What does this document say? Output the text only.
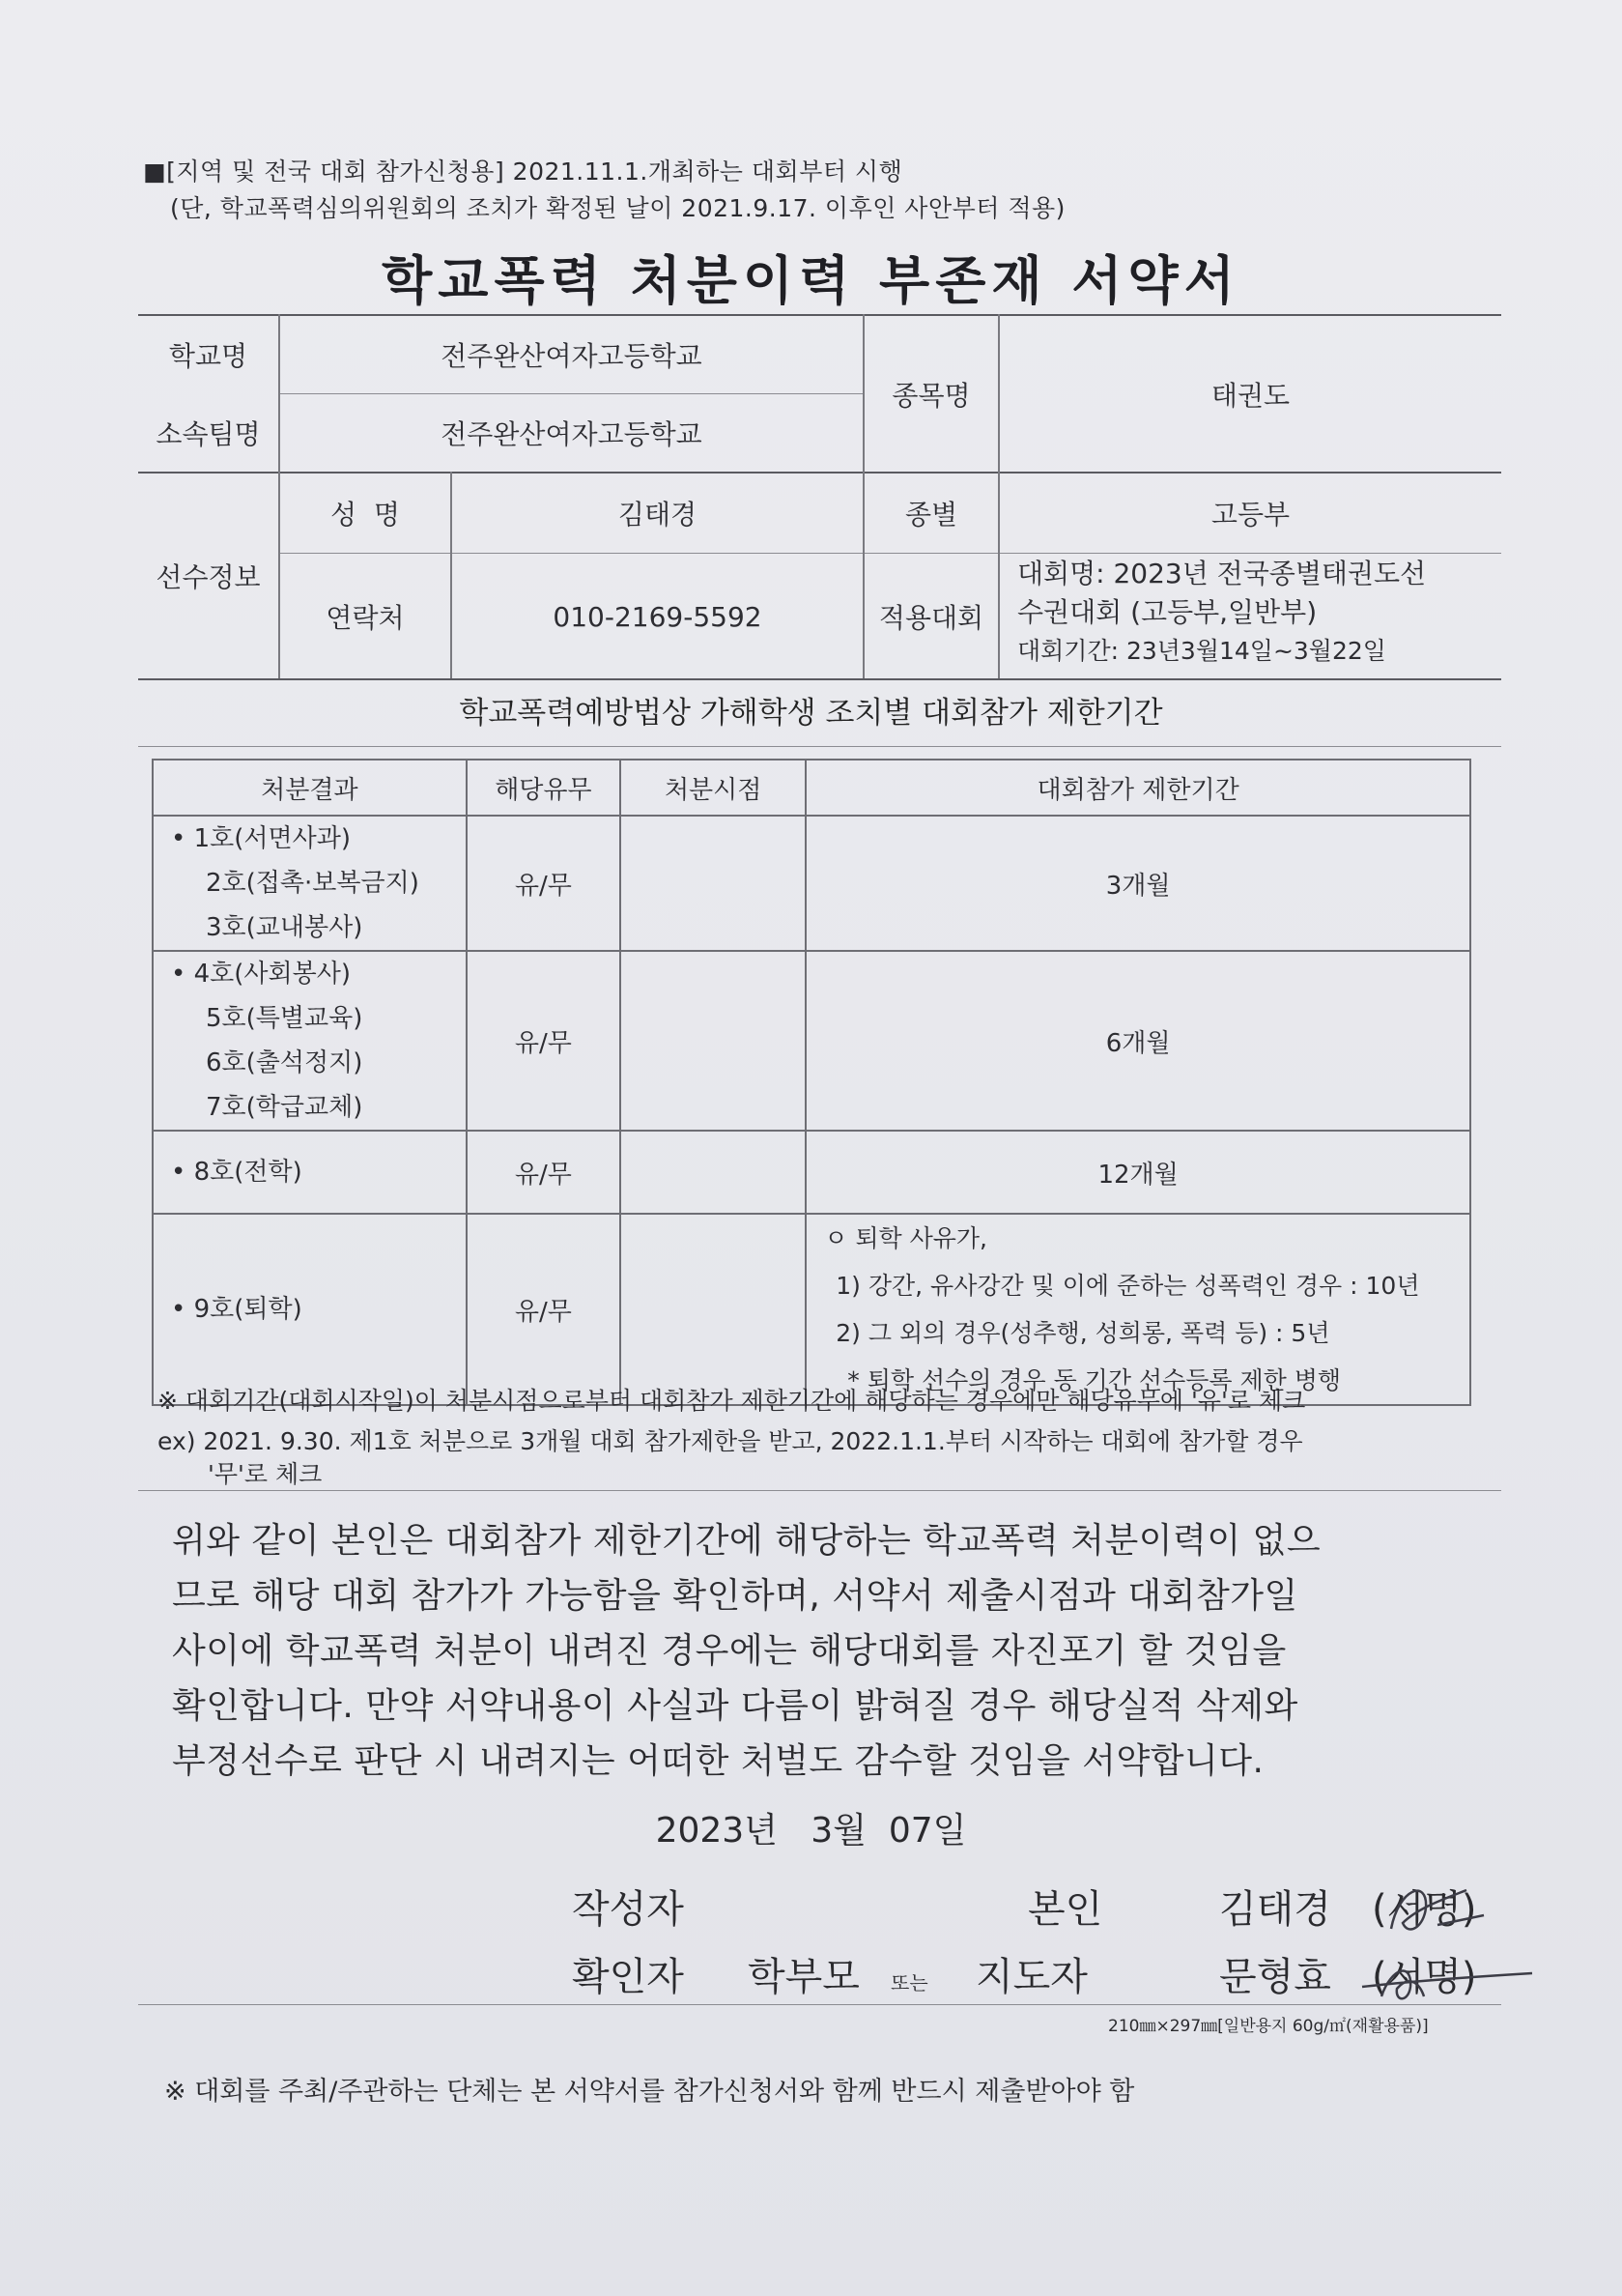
■[지역 및 전국 대회 참가신청용] 2021.11.1.개최하는 대회부터 시행
(단, 학교폭력심의위원회의 조치가 확정된 날이 2021.9.17. 이후인 사안부터 적용)
학교폭력 처분이력 부존재 서약서
학교명	전주완산여자고등학교
소속팀명	전주완산여자고등학교
종목명	태권도
선수정보
성  명	김태경	종별	고등부
연락처	010-2169-5592	적용대회
대회명: 2023년 전국종별태권도선
수권대회 (고등부,일반부)
대회기간: 23년3월14일~3월22일
학교폭력예방법상 가해학생 조치별 대회참가 제한기간
처분결과	해당유무	처분시점	대회참가 제한기간

• 1호(서면사과)
2호(접촉·보복금지)
3호(교내봉사)	유/무		3개월

• 4호(사회봉사)
5호(특별교육)
6호(출석정지)
7호(학급교체)	유/무		6개월

• 8호(전학)	유/무		12개월

• 9호(퇴학)	유/무		ㅇ 퇴학 사유가,
1) 강간, 유사강간 및 이에 준하는 성폭력인 경우 : 10년
2) 그 외의 경우(성추행, 성희롱, 폭력 등) : 5년
* 퇴학 선수의 경우 동 기간 선수등록 제한 병행
※ 대회기간(대회시작일)이 처분시점으로부터 대회참가 제한기간에 해당하는 경우에만 해당유무에 '유'로 체크
ex) 2021. 9.30. 제1호 처분으로 3개월 대회 참가제한을 받고, 2022.1.1.부터 시작하는 대회에 참가할 경우
'무'로 체크
위와 같이 본인은 대회참가 제한기간에 해당하는 학교폭력 처분이력이 없으
므로 해당 대회 참가가 가능함을 확인하며, 서약서 제출시점과 대회참가일
사이에 학교폭력 처분이 내려진 경우에는 해당대회를 자진포기 할 것임을
확인합니다. 만약 서약내용이 사실과 다름이 밝혀질 경우 해당실적 삭제와
부정선수로 판단 시 내려지는 어떠한 처벌도 감수할 것임을 서약합니다.
2023년   3월  07일
작성자	본인	김태경 (서명)
확인자 학부모 또는 지도자	문형효 (서명)
210㎜×297㎜[일반용지 60g/㎡(재활용품)]
※ 대회를 주최/주관하는 단체는 본 서약서를 참가신청서와 함께 반드시 제출받아야 함
